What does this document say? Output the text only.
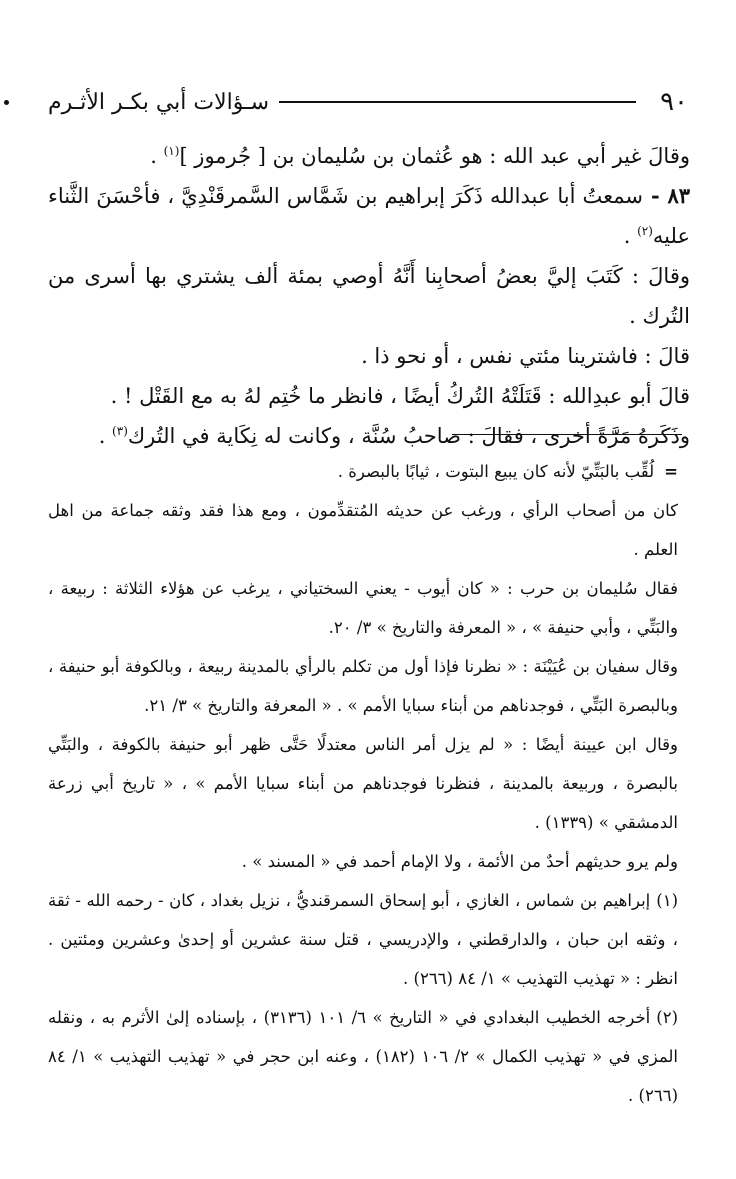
٩٠
سـؤالات أبي بكـر الأثـرم

وقالَ غير أبي عبد الله : هو عُثمان بن سُليمان بن [ جُرموز ]$^{(١)}$ .

٨٣ -سمعتُ أبا عبدالله ذَكَرَ إبراهيم بن شَمَّاس السَّمرقَنْدِيَّ ، فأحْسَنَ الثَّناء عليه$^{(٢)}$ .

وقالَ : كَتَبَ إليَّ بعضُ أصحابِنا أَنَّهُ أوصي بمئة ألف يشتري بها أسرى من التُرك .

قالَ : فاشترينا مئتي نفس ، أو نحو ذا .

قالَ أبو عبدِالله : قَتَلَتْهُ التُركُ أيضًا ، فانظر ما خُتِم لهُ به مع القَتْل ! .

وذَكَرهُ مَرَّةً أخرى ، فقالَ : صاحبُ سُنَّة ، وكانت له نِكَاية في التُرك$^{(٣)}$ .

=لُقِّب بالبَتِّيّ لأنه كان يبيع البتوت ، ثيابًا بالبصرة .

كان من أصحاب الرأي ، ورغب عن حديثه المُتقدِّمون ، ومع هذا فقد وثقه جماعة من اهل العلم .

فقال سُليمان بن حرب : « كان أيوب - يعني السختياني ، يرغب عن هؤلاء الثلاثة : ربيعة ، والبَتِّي ، وأبي حنيفة » ، « المعرفة والتاريخ » ٣/ ٢٠.

وقال سفيان بن عُيَيْنَة : « نظرنا فإذا أول من تكلم بالرأي بالمدينة ربيعة ، وبالكوفة أبو حنيفة ، وبالبصرة البَتِّي ، فوجدناهم من أبناء سبايا الأمم » . « المعرفة والتاريخ » ٣/ ٢١.

وقال ابن عيينة أيضًا : « لم يزل أمر الناس معتدلًا حَتَّى ظهر أبو حنيفة بالكوفة ، والبَتِّي بالبصرة ، وربيعة بالمدينة ، فنظرنا فوجدناهم من أبناء سبايا الأمم » ، « تاريخ أبي زرعة الدمشقي » (١٣٣٩) .

ولم يرو حديثهم أحدٌ من الأئمة ، ولا الإمام أحمد في « المسند » .

(١)إبراهيم بن شماس ، الغازي ، أبو إسحاق السمرقنديُّ ، نزيل بغداد ، كان - رحمه الله - ثقة ، وثقه ابن حبان ، والدارقطني ، والإدريسي ، قتل سنة عشرين أو إحدىٰ وعشرين ومئتين . انظر : « تهذيب التهذيب » ١/ ٨٤ (٢٦٦) .

(٢)أخرجه الخطيب البغدادي في « التاريخ » ٦/ ١٠١ (٣١٣٦) ، بإسناده إلىٰ الأثرم به ، ونقله المزي في « تهذيب الكمال » ٢/ ١٠٦ (١٨٢) ، وعنه ابن حجر في « تهذيب التهذيب » ١/ ٨٤ (٢٦٦) .
